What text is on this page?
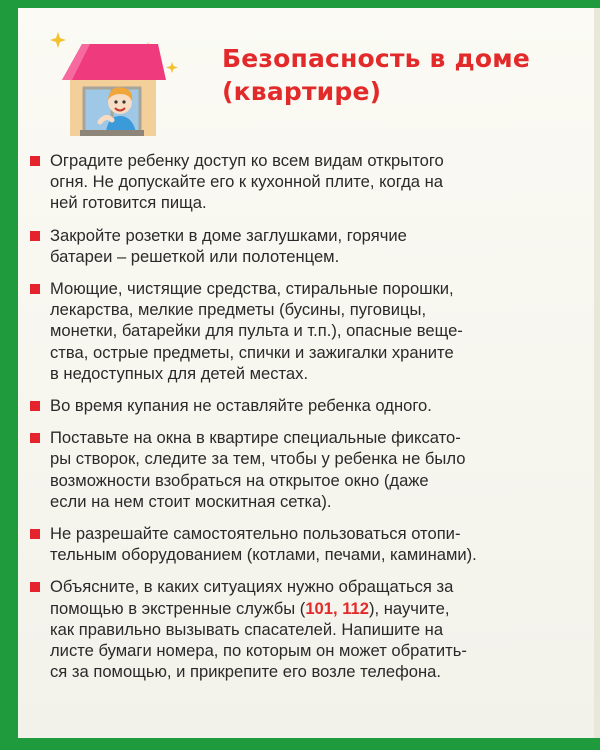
Безопасность в доме
(квартире)
Оградите ребенку доступ ко всем видам открытого
огня. Не допускайте его к кухонной плите, когда на
ней готовится пища.
Закройте розетки в доме заглушками, горячие
батареи – решеткой или полотенцем.
Моющие, чистящие средства, стиральные порошки,
лекарства, мелкие предметы (бусины, пуговицы,
монетки, батарейки для пульта и т.п.), опасные веще-
ства, острые предметы, спички и зажигалки храните
в недоступных для детей местах.
Во время купания не оставляйте ребенка одного.
Поставьте на окна в квартире специальные фиксато-
ры створок, следите за тем, чтобы у ребенка не было
возможности взобраться на открытое окно (даже
если на нем стоит москитная сетка).
Не разрешайте самостоятельно пользоваться отопи-
тельным оборудованием (котлами, печами, каминами).
Объясните, в каких ситуациях нужно обращаться за
помощью в экстренные службы (101, 112), научите,
как правильно вызывать спасателей. Напишите на
листе бумаги номера, по которым он может обратить-
ся за помощью, и прикрепите его возле телефона.
